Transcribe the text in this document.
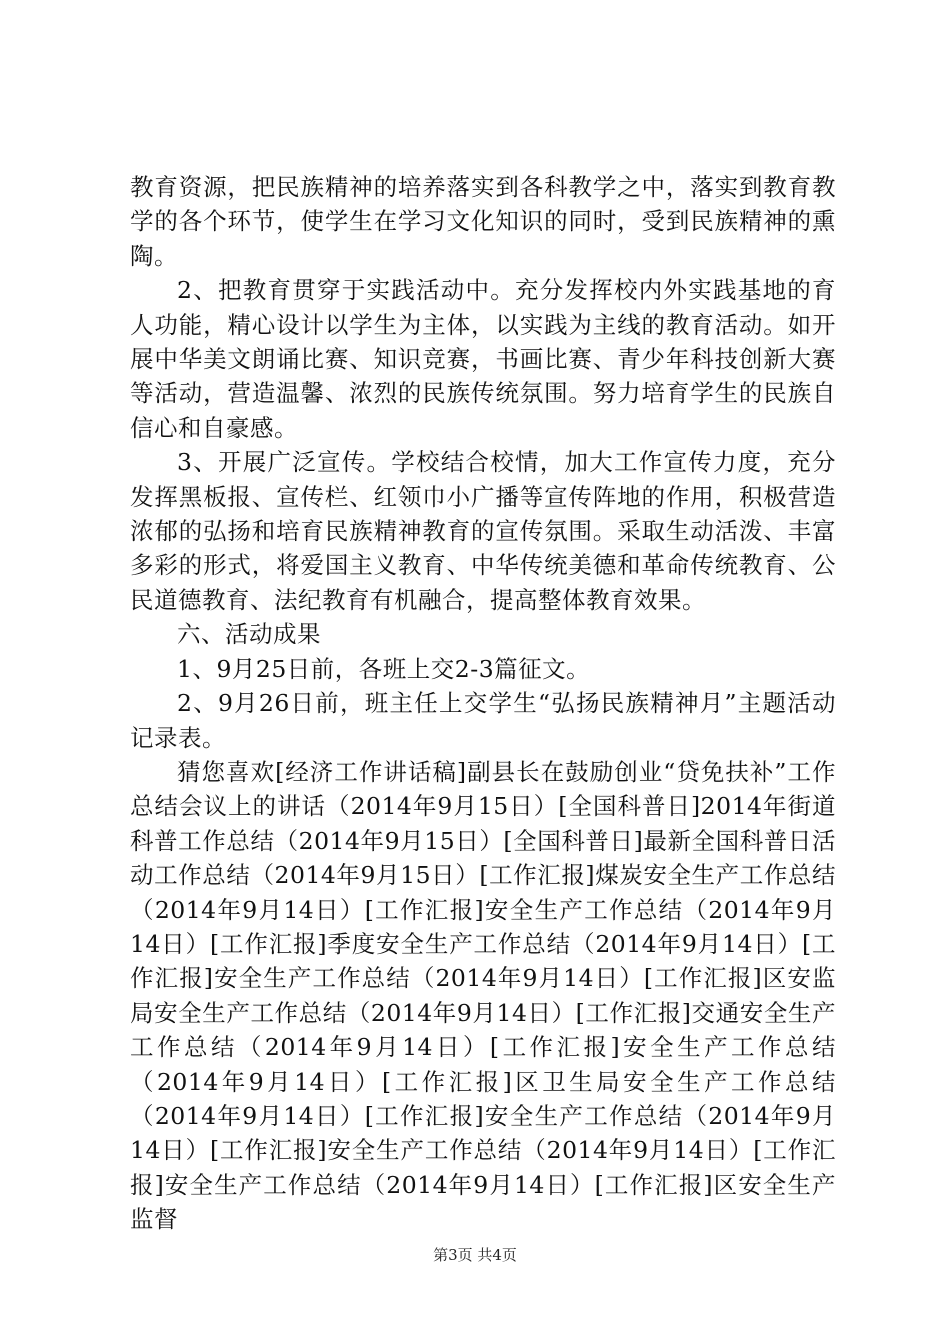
教育资源，把民族精神的培养落实到各科教学之中，落实到教育教学的各个环节，使学生在学习文化知识的同时，受到民族精神的熏陶。

2、把教育贯穿于实践活动中。充分发挥校内外实践基地的育人功能，精心设计以学生为主体，以实践为主线的教育活动。如开展中华美文朗诵比赛、知识竞赛，书画比赛、青少年科技创新大赛等活动，营造温馨、浓烈的民族传统氛围。努力培育学生的民族自信心和自豪感。

3、开展广泛宣传。学校结合校情，加大工作宣传力度，充分发挥黑板报、宣传栏、红领巾小广播等宣传阵地的作用，积极营造浓郁的弘扬和培育民族精神教育的宣传氛围。采取生动活泼、丰富多彩的形式，将爱国主义教育、中华传统美德和革命传统教育、公民道德教育、法纪教育有机融合，提高整体教育效果。

六、活动成果

1、9月25日前，各班上交2-3篇征文。

2、9月26日前，班主任上交学生“弘扬民族精神月”主题活动记录表。

猜您喜欢[经济工作讲话稿]副县长在鼓励创业“贷免扶补”工作总结会议上的讲话（2014年9月15日）[全国科普日]2014年街道科普工作总结（2014年9月15日）[全国科普日]最新全国科普日活动工作总结（2014年9月15日）[工作汇报]煤炭安全生产工作总结（2014年9月14日）[工作汇报]安全生产工作总结（2014年9月14日）[工作汇报]季度安全生产工作总结（2014年9月14日）[工作汇报]安全生产工作总结（2014年9月14日）[工作汇报]区安监局安全生产工作总结（2014年9月14日）[工作汇报]交通安全生产工作总结（2014年9月14日）[工作汇报]安全生产工作总结（2014年9月14日）[工作汇报]区卫生局安全生产工作总结（2014年9月14日）[工作汇报]安全生产工作总结（2014年9月14日）[工作汇报]安全生产工作总结（2014年9月14日）[工作汇报]安全生产工作总结（2014年9月14日）[工作汇报]区安全生产监督

第3页 共4页
